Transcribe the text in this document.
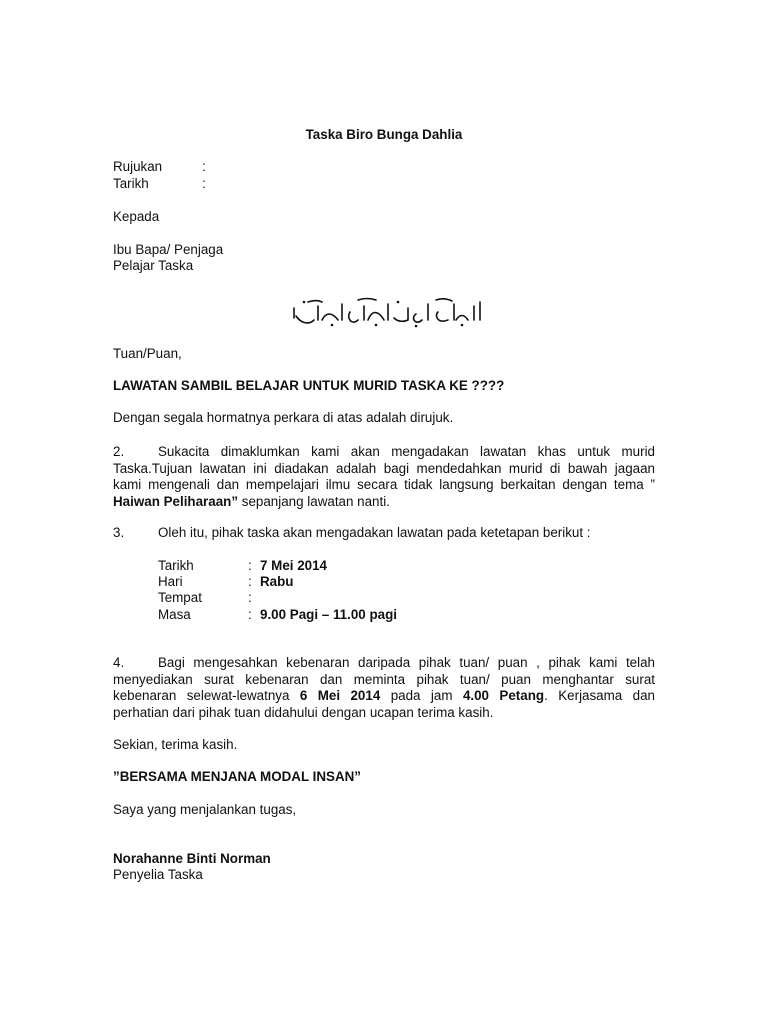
Taska Biro Bunga Dahlia
Rujukan	:
Tarikh	:
Kepada
Ibu Bapa/ Penjaga
Pelajar Taska
Tuan/Puan,
LAWATAN SAMBIL BELAJAR UNTUK MURID TASKA KE ????
Dengan segala hormatnya perkara di atas adalah dirujuk.
2.	Sukacita dimaklumkan kami akan mengadakan lawatan khas untuk murid
Taska.Tujuan lawatan ini diadakan adalah bagi mendedahkan murid di bawah jagaan
kami mengenali dan mempelajari ilmu secara tidak langsung berkaitan dengan tema ”
Haiwan Peliharaan” sepanjang lawatan nanti.
3.	Oleh itu, pihak taska akan mengadakan lawatan pada ketetapan berikut :
Tarikh	: 7 Mei 2014
Hari	: Rabu
Tempat	:
Masa	: 9.00 Pagi – 11.00 pagi
4.	Bagi mengesahkan kebenaran daripada pihak tuan/ puan , pihak kami telah
menyediakan surat kebenaran dan meminta pihak tuan/ puan menghantar surat
kebenaran selewat-lewatnya 6 Mei 2014 pada jam 4.00 Petang. Kerjasama dan
perhatian dari pihak tuan didahului dengan ucapan terima kasih.
Sekian, terima kasih.
”BERSAMA MENJANA MODAL INSAN”
Saya yang menjalankan tugas,
Norahanne Binti Norman
Penyelia Taska
